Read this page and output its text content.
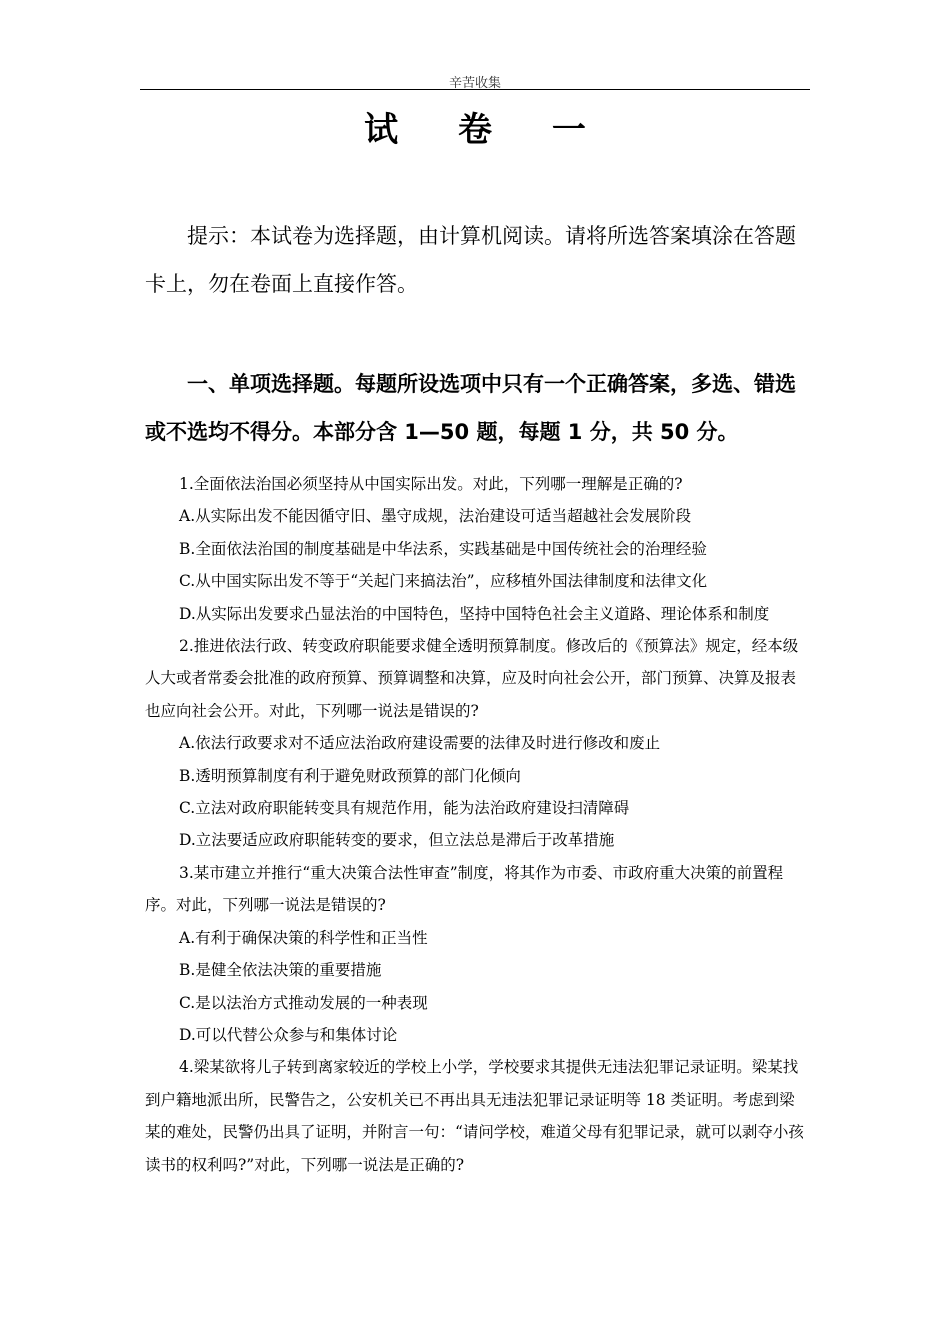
辛苦收集
试 卷 一

提示：本试卷为选择题，由计算机阅读。请将所选答案填涂在答题卡上，勿在卷面上直接作答。

一、单项选择题。每题所设选项中只有一个正确答案，多选、错选或不选均不得分。本部分含 1—50 题，每题 1 分，共 50 分。

1.全面依法治国必须坚持从中国实际出发。对此，下列哪一理解是正确的?

A.从实际出发不能因循守旧、墨守成规，法治建设可适当超越社会发展阶段

B.全面依法治国的制度基础是中华法系，实践基础是中国传统社会的治理经验

C.从中国实际出发不等于“关起门来搞法治”，应移植外国法律制度和法律文化

D.从实际出发要求凸显法治的中国特色，坚持中国特色社会主义道路、理论体系和制度

2.推进依法行政、转变政府职能要求健全透明预算制度。修改后的《预算法》规定，经本级人大或者常委会批准的政府预算、预算调整和决算，应及时向社会公开，部门预算、决算及报表也应向社会公开。对此，下列哪一说法是错误的?

A.依法行政要求对不适应法治政府建设需要的法律及时进行修改和废止

B.透明预算制度有利于避免财政预算的部门化倾向

C.立法对政府职能转变具有规范作用，能为法治政府建设扫清障碍

D.立法要适应政府职能转变的要求，但立法总是滞后于改革措施

3.某市建立并推行“重大决策合法性审查”制度，将其作为市委、市政府重大决策的前置程序。对此，下列哪一说法是错误的?

A.有利于确保决策的科学性和正当性

B.是健全依法决策的重要措施

C.是以法治方式推动发展的一种表现

D.可以代替公众参与和集体讨论

4.梁某欲将儿子转到离家较近的学校上小学，学校要求其提供无违法犯罪记录证明。梁某找到户籍地派出所，民警告之，公安机关已不再出具无违法犯罪记录证明等 18 类证明。考虑到梁某的难处，民警仍出具了证明，并附言一句：“请问学校，难道父母有犯罪记录，就可以剥夺小孩读书的权利吗?”对此，下列哪一说法是正确的?
